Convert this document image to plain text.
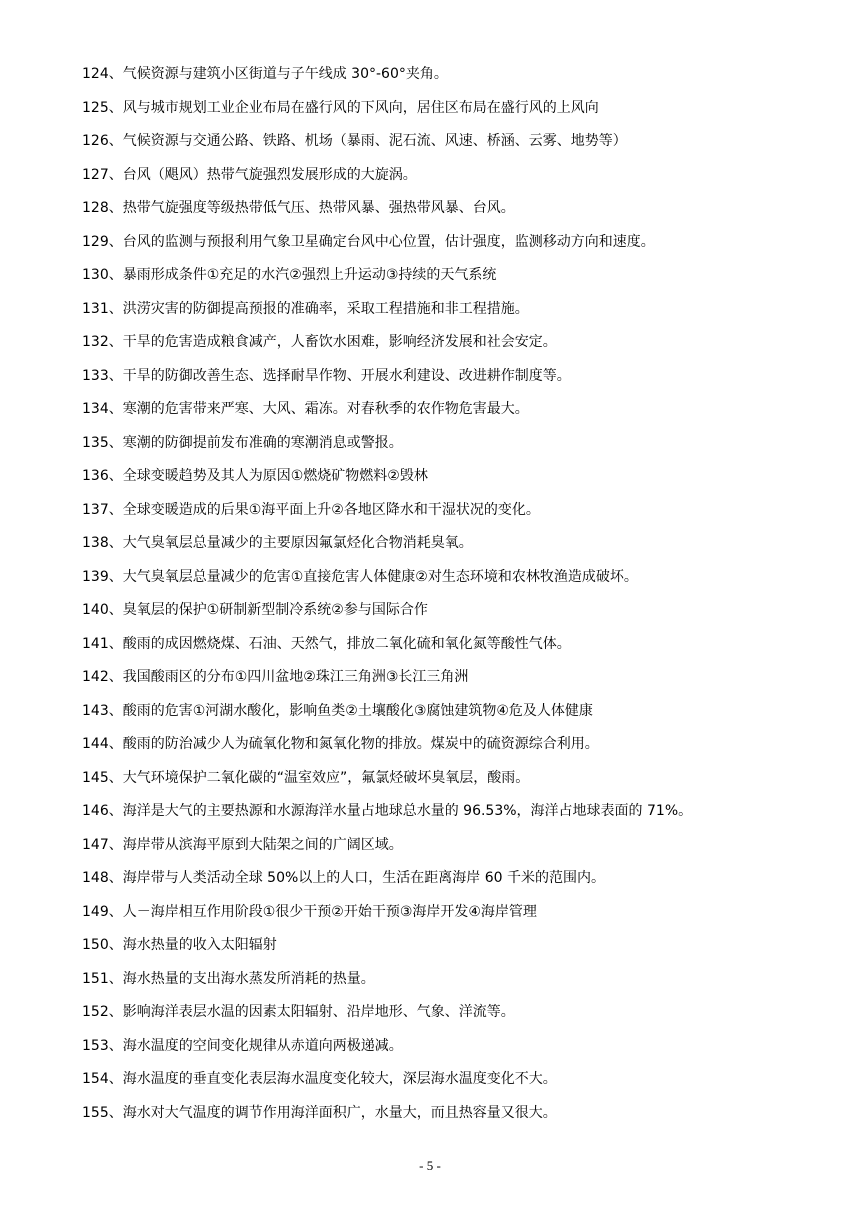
124、气候资源与建筑小区街道与子午线成 30°-60°夹角。
125、风与城市规划工业企业布局在盛行风的下风向，居住区布局在盛行风的上风向
126、气候资源与交通公路、铁路、机场（暴雨、泥石流、风速、桥涵、云雾、地势等）
127、台风（飓风）热带气旋强烈发展形成的大旋涡。
128、热带气旋强度等级热带低气压、热带风暴、强热带风暴、台风。
129、台风的监测与预报利用气象卫星确定台风中心位置，估计强度，监测移动方向和速度。
130、暴雨形成条件①充足的水汽②强烈上升运动③持续的天气系统
131、洪涝灾害的防御提高预报的准确率，采取工程措施和非工程措施。
132、干旱的危害造成粮食减产，人畜饮水困难，影响经济发展和社会安定。
133、干旱的防御改善生态、选择耐旱作物、开展水利建设、改进耕作制度等。
134、寒潮的危害带来严寒、大风、霜冻。对春秋季的农作物危害最大。
135、寒潮的防御提前发布准确的寒潮消息或警报。
136、全球变暖趋势及其人为原因①燃烧矿物燃料②毁林
137、全球变暖造成的后果①海平面上升②各地区降水和干湿状况的变化。
138、大气臭氧层总量减少的主要原因氟氯烃化合物消耗臭氧。
139、大气臭氧层总量减少的危害①直接危害人体健康②对生态环境和农林牧渔造成破坏。
140、臭氧层的保护①研制新型制冷系统②参与国际合作
141、酸雨的成因燃烧煤、石油、天然气，排放二氧化硫和氧化氮等酸性气体。
142、我国酸雨区的分布①四川盆地②珠江三角洲③长江三角洲
143、酸雨的危害①河湖水酸化，影响鱼类②土壤酸化③腐蚀建筑物④危及人体健康
144、酸雨的防治减少人为硫氧化物和氮氧化物的排放。煤炭中的硫资源综合利用。
145、大气环境保护二氧化碳的“温室效应”，氟氯烃破坏臭氧层，酸雨。
146、海洋是大气的主要热源和水源海洋水量占地球总水量的 96.53%，海洋占地球表面的 71%。
147、海岸带从滨海平原到大陆架之间的广阔区域。
148、海岸带与人类活动全球 50%以上的人口，生活在距离海岸 60 千米的范围内。
149、人－海岸相互作用阶段①很少干预②开始干预③海岸开发④海岸管理
150、海水热量的收入太阳辐射
151、海水热量的支出海水蒸发所消耗的热量。
152、影响海洋表层水温的因素太阳辐射、沿岸地形、气象、洋流等。
153、海水温度的空间变化规律从赤道向两极递减。
154、海水温度的垂直变化表层海水温度变化较大，深层海水温度变化不大。
155、海水对大气温度的调节作用海洋面积广，水量大，而且热容量又很大。
- 5 -
